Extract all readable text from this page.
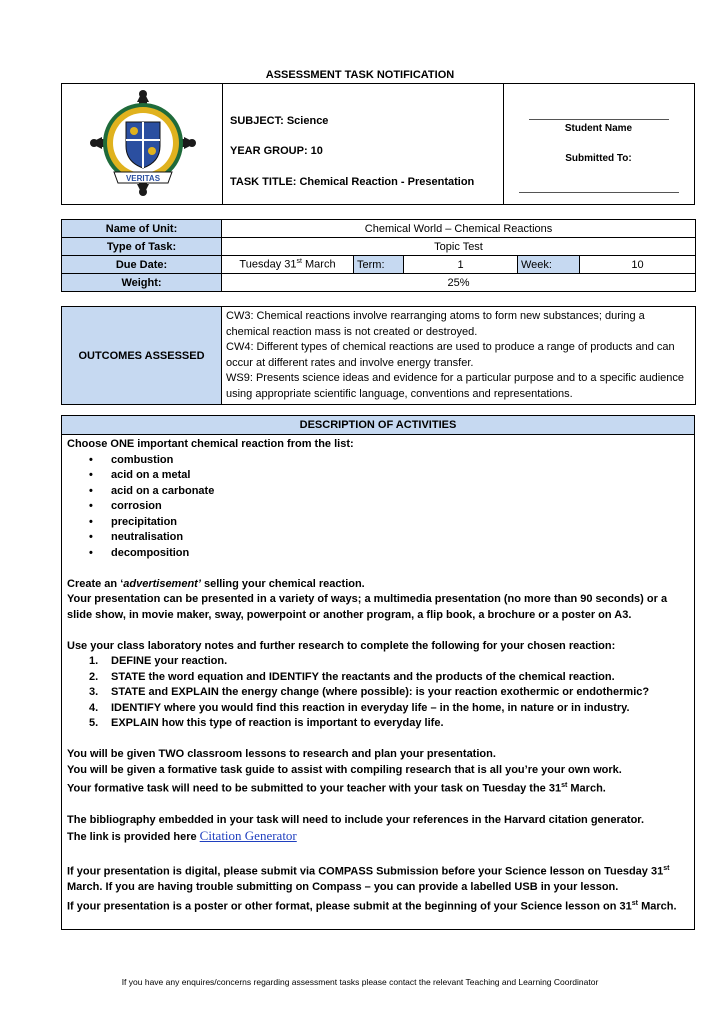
ASSESSMENT TASK NOTIFICATION
VERITAS
SUBJECT: Science
YEAR GROUP: 10
TASK TITLE: Chemical Reaction - Presentation
Student Name
Submitted To:
Name of Unit:	Chemical World – Chemical Reactions				
Type of Task:	Topic Test				
Due Date:	Tuesday 31st March	Term:	1	Week:	10
Weight:	25%				
OUTCOMES ASSESSED	
CW3: Chemical reactions involve rearranging atoms to form new substances; during a chemical reaction mass is not created or destroyed.
CW4: Different types of chemical reactions are used to produce a range of products and can occur at different rates and involve energy transfer.
WS9: Presents science ideas and evidence for a particular purpose and to a specific audience using appropriate scientific language, conventions and representations.
DESCRIPTION OF ACTIVITIES

Choose ONE important chemical reaction from the list:

• combustion
• acid on a metal
• acid on a carbonate
• corrosion
• precipitation
• neutralisation
• decomposition

Create an ‘advertisement’ selling your chemical reaction.

Your presentation can be presented in a variety of ways; a multimedia presentation (no more than 90 seconds) or a slide show, in movie maker, sway, powerpoint or another program, a flip book, a brochure or a poster on A3.

Use your class laboratory notes and further research to complete the following for your chosen reaction:

1. DEFINE your reaction.
2. STATE the word equation and IDENTIFY the reactants and the products of the chemical reaction.
3. STATE and EXPLAIN the energy change (where possible): is your reaction exothermic or endothermic?
4. IDENTIFY where you would find this reaction in everyday life – in the home, in nature or in industry.
5. EXPLAIN how this type of reaction is important to everyday life.

You will be given TWO classroom lessons to research and plan your presentation.

You will be given a formative task guide to assist with compiling research that is all you’re your own work.

Your formative task will need to be submitted to your teacher with your task on Tuesday the 31st March.

The bibliography embedded in your task will need to include your references in the Harvard citation generator.

The link is provided here Citation Generator

If your presentation is digital, please submit via COMPASS Submission before your Science lesson on Tuesday 31st March. If you are having trouble submitting on Compass – you can provide a labelled USB in your lesson.

If your presentation is a poster or other format, please submit at the beginning of your Science lesson on 31st March.

If you have any enquires/concerns regarding assessment tasks please contact the relevant Teaching and Learning Coordinator
